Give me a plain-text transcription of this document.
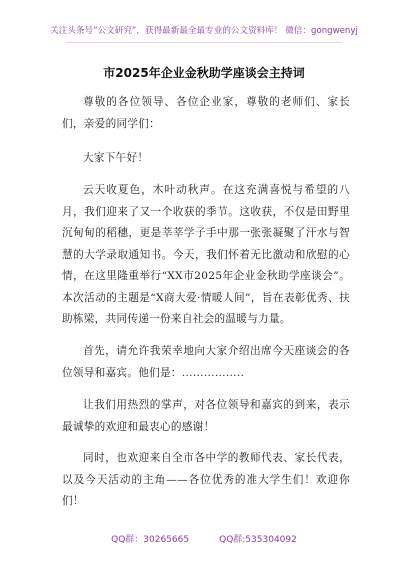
关注头条号“公文研究”，获得最新最全最专业的公文资料库！ 微信：gongwenyj
市2025年企业金秋助学座谈会主持词

尊敬的各位领导、各位企业家，尊敬的老师们、家长们，亲爱的同学们：

大家下午好！

云天收夏色，木叶动秋声。在这充满喜悦与希望的八月，我们迎来了又一个收获的季节。这收获，不仅是田野里沉甸甸的稻穗，更是莘莘学子手中那一张张凝聚了汗水与智慧的大学录取通知书。今天，我们怀着无比激动和欣慰的心情，在这里隆重举行“XX市2025年企业金秋助学座谈会”。本次活动的主题是“X商大爱·情暖人间”，旨在表彰优秀、扶助栋梁，共同传递一份来自社会的温暖与力量。

首先，请允许我荣幸地向大家介绍出席今天座谈会的各位领导和嘉宾。他们是：.................

让我们用热烈的掌声，对各位领导和嘉宾的到来，表示最诚挚的欢迎和最衷心的感谢！

同时，也欢迎来自全市各中学的教师代表、家长代表，以及今天活动的主角——各位优秀的准大学生们！欢迎你们！

QQ群：30265665	QQ群:535304092
